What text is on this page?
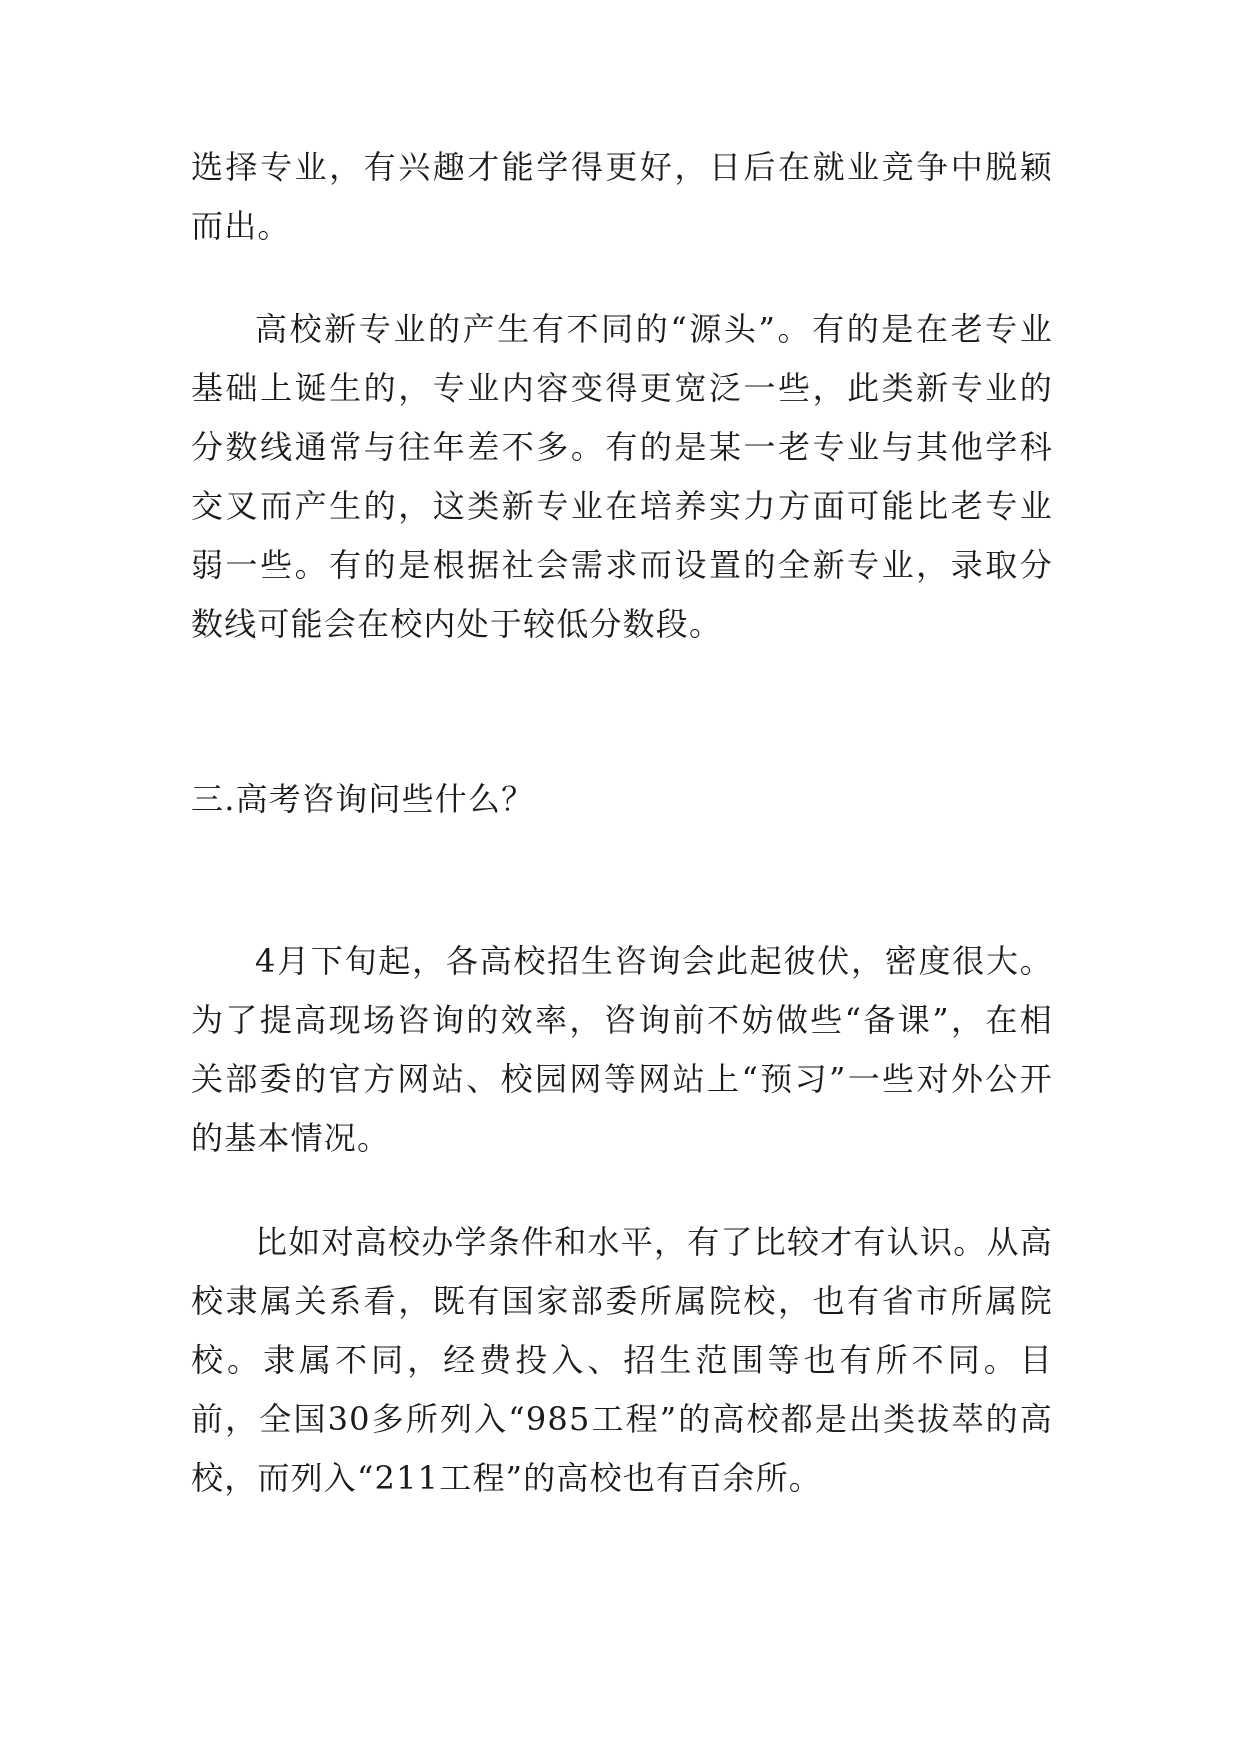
选择专业，有兴趣才能学得更好，日后在就业竞争中脱颖而出。

高校新专业的产生有不同的“源头”。有的是在老专业基础上诞生的，专业内容变得更宽泛一些，此类新专业的分数线通常与往年差不多。有的是某一老专业与其他学科交叉而产生的，这类新专业在培养实力方面可能比老专业弱一些。有的是根据社会需求而设置的全新专业，录取分数线可能会在校内处于较低分数段。

三.高考咨询问些什么？

4月下旬起，各高校招生咨询会此起彼伏，密度很大。为了提高现场咨询的效率，咨询前不妨做些“备课”，在相关部委的官方网站、校园网等网站上“预习”一些对外公开的基本情况。

比如对高校办学条件和水平，有了比较才有认识。从高校隶属关系看，既有国家部委所属院校，也有省市所属院校。隶属不同，经费投入、招生范围等也有所不同。目前，全国30多所列入“985工程”的高校都是出类拔萃的高校，而列入“211工程”的高校也有百余所。
